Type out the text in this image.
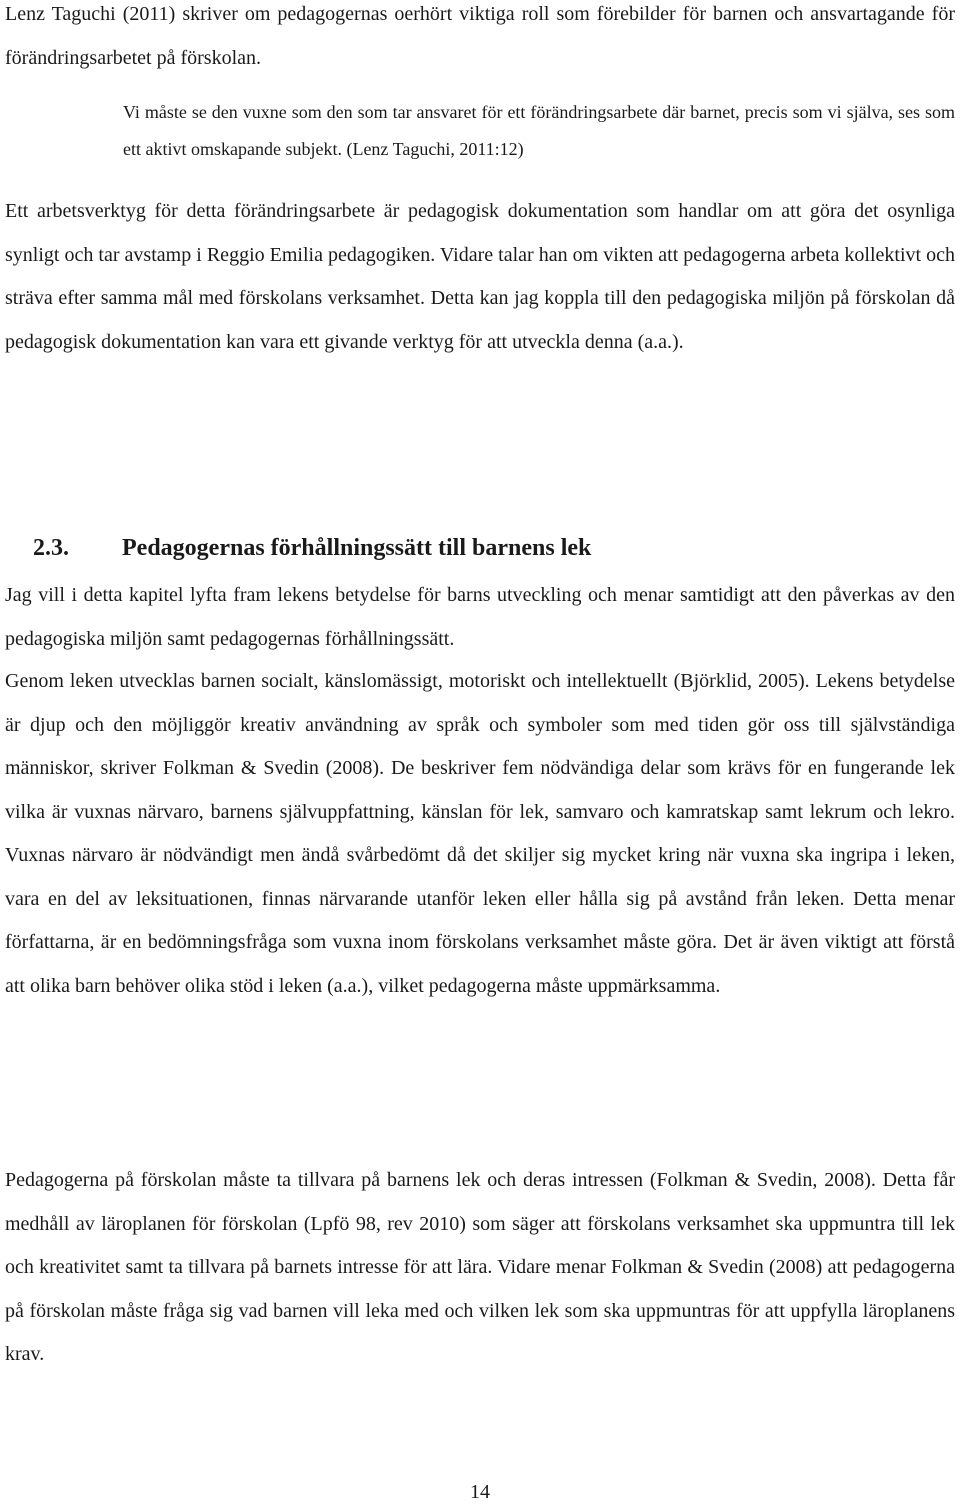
Lenz Taguchi (2011) skriver om pedagogernas oerhört viktiga roll som förebilder för barnen och ansvartagande för förändringsarbetet på förskolan.

Vi måste se den vuxne som den som tar ansvaret för ett förändringsarbete där barnet, precis som vi själva, ses som ett aktivt omskapande subjekt. (Lenz Taguchi, 2011:12)

Ett arbetsverktyg för detta förändringsarbete är pedagogisk dokumentation som handlar om att göra det osynliga synligt och tar avstamp i Reggio Emilia pedagogiken. Vidare talar han om vikten att pedagogerna arbeta kollektivt och sträva efter samma mål med förskolans verksamhet. Detta kan jag koppla till den pedagogiska miljön på förskolan då pedagogisk dokumentation kan vara ett givande verktyg för att utveckla denna (a.a.).

2.3. Pedagogernas förhållningssätt till barnens lek

Jag vill i detta kapitel lyfta fram lekens betydelse för barns utveckling och menar samtidigt att den påverkas av den pedagogiska miljön samt pedagogernas förhållningssätt.

Genom leken utvecklas barnen socialt, känslomässigt, motoriskt och intellektuellt (Björklid, 2005). Lekens betydelse är djup och den möjliggör kreativ användning av språk och symboler som med tiden gör oss till självständiga människor, skriver Folkman & Svedin (2008). De beskriver fem nödvändiga delar som krävs för en fungerande lek vilka är vuxnas närvaro, barnens självuppfattning, känslan för lek, samvaro och kamratskap samt lekrum och lekro. Vuxnas närvaro är nödvändigt men ändå svårbedömt då det skiljer sig mycket kring när vuxna ska ingripa i leken, vara en del av leksituationen, finnas närvarande utanför leken eller hålla sig på avstånd från leken. Detta menar författarna, är en bedömningsfråga som vuxna inom förskolans verksamhet måste göra. Det är även viktigt att förstå att olika barn behöver olika stöd i leken (a.a.), vilket pedagogerna måste uppmärksamma.

Pedagogerna på förskolan måste ta tillvara på barnens lek och deras intressen (Folkman & Svedin, 2008). Detta får medhåll av läroplanen för förskolan (Lpfö 98, rev 2010) som säger att förskolans verksamhet ska uppmuntra till lek och kreativitet samt ta tillvara på barnets intresse för att lära. Vidare menar Folkman & Svedin (2008) att pedagogerna på förskolan måste fråga sig vad barnen vill leka med och vilken lek som ska uppmuntras för att uppfylla läroplanens krav.

14
